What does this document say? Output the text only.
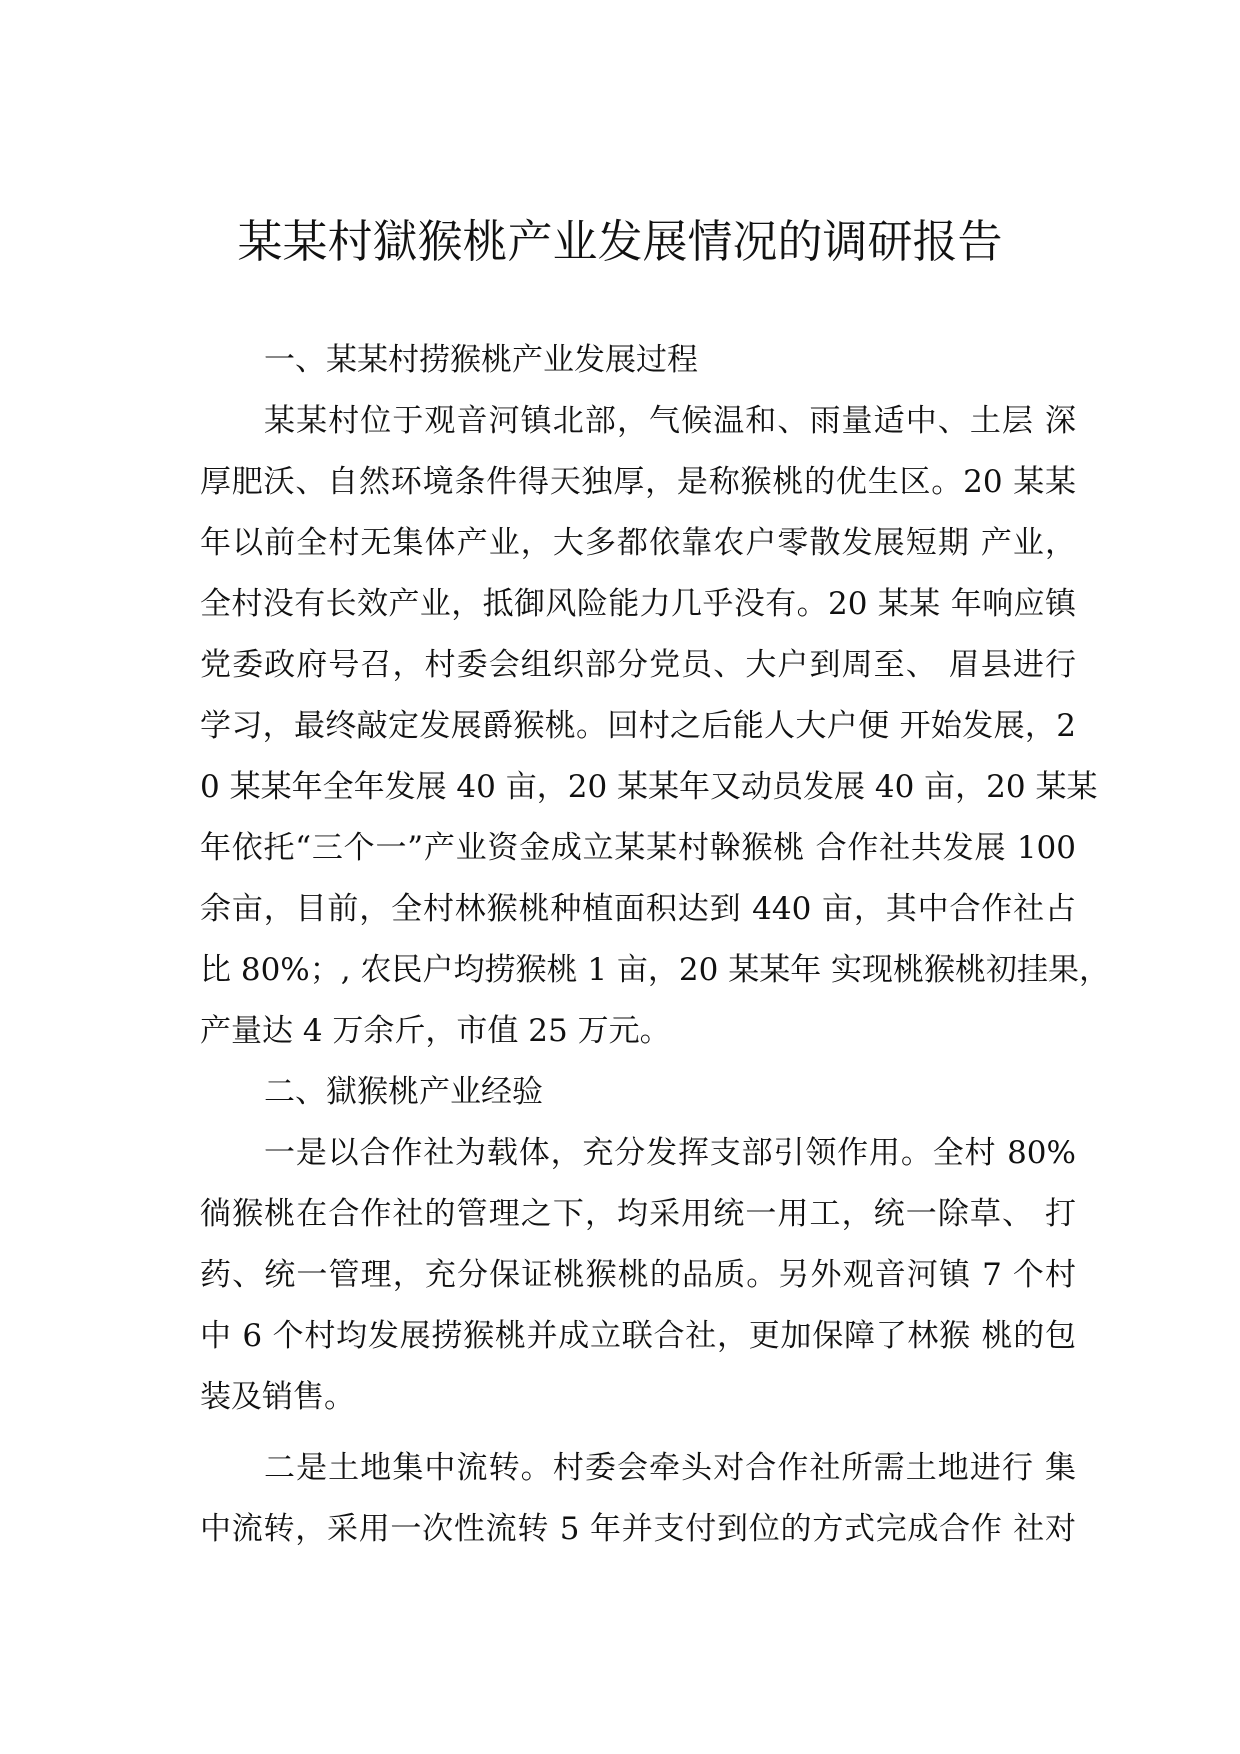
某某村獄猴桃产业发展情况的调研报告
一、某某村捞猴桃产业发展过程
某某村位于观音河镇北部，气候温和、雨量适中、土层 深
厚肥沃、自然环境条件得天独厚，是称猴桃的优生区。20 某某
年以前全村无集体产业，大多都依靠农户零散发展短期 产业，
全村没有长效产业，抵御风险能力几乎没有。20 某某 年响应镇
党委政府号召，村委会组织部分党员、大户到周至、 眉县进行
学习，最终敲定发展爵猴桃。回村之后能人大户便 开始发展，2
0 某某年全年发展 40 亩，20 某某年又动员发展 40 亩，20 某某
年依托“三个一”产业资金成立某某村榦猴桃 合作社共发展 100
余亩，目前，全村林猴桃种植面积达到 440 亩，其中合作社占
比 80%；, 农民户均捞猴桃 1 亩，20 某某年 实现桃猴桃初挂果，
产量达 4 万余斤，市值 25 万元。
二、獄猴桃产业经验
一是以合作社为载体，充分发挥支部引领作用。全村 80%
徜猴桃在合作社的管理之下，均采用统一用工，统一除草、 打
药、统一管理，充分保证桃猴桃的品质。另外观音河镇 7 个村
中 6 个村均发展捞猴桃并成立联合社，更加保障了林猴 桃的包
装及销售。
二是土地集中流转。村委会牵头对合作社所需土地进行 集
中流转，采用一次性流转 5 年并支付到位的方式完成合作 社对
